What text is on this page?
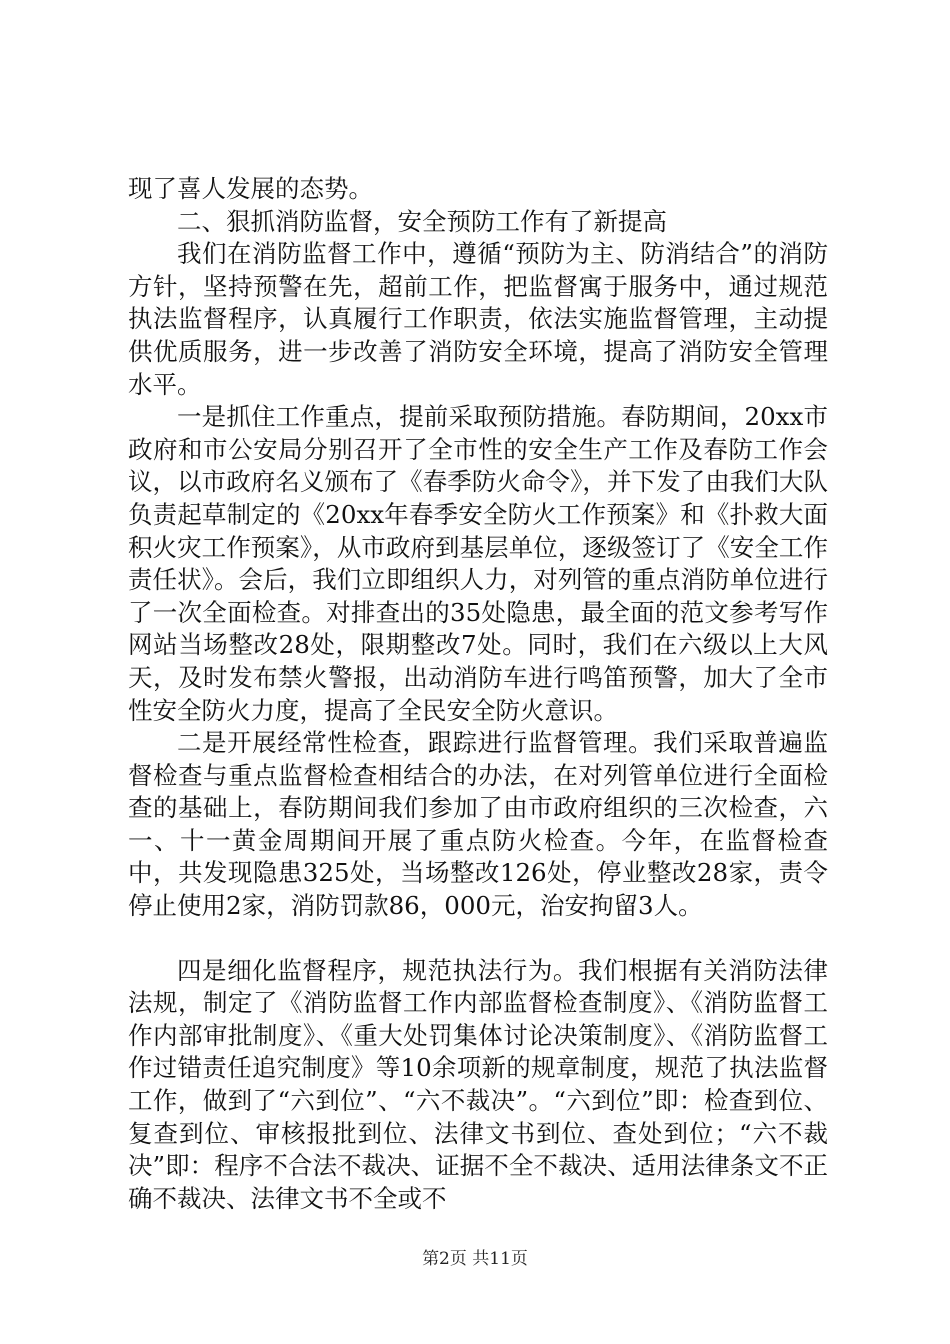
现了喜人发展的态势。

二、狠抓消防监督，安全预防工作有了新提高

我们在消防监督工作中，遵循“预防为主、防消结合”的消防方针，坚持预警在先，超前工作，把监督寓于服务中，通过规范执法监督程序，认真履行工作职责，依法实施监督管理，主动提供优质服务，进一步改善了消防安全环境，提高了消防安全管理水平。

一是抓住工作重点，提前采取预防措施。春防期间，20xx市政府和市公安局分别召开了全市性的安全生产工作及春防工作会议，以市政府名义颁布了《春季防火命令》，并下发了由我们大队负责起草制定的《20xx年春季安全防火工作预案》和《扑救大面积火灾工作预案》，从市政府到基层单位，逐级签订了《安全工作责任状》。会后，我们立即组织人力，对列管的重点消防单位进行了一次全面检查。对排查出的35处隐患，最全面的范文参考写作网站当场整改28处，限期整改7处。同时，我们在六级以上大风天，及时发布禁火警报，出动消防车进行鸣笛预警，加大了全市性安全防火力度，提高了全民安全防火意识。

二是开展经常性检查，跟踪进行监督管理。我们采取普遍监督检查与重点监督检查相结合的办法，在对列管单位进行全面检查的基础上，春防期间我们参加了由市政府组织的三次检查，六一、十一黄金周期间开展了重点防火检查。今年，在监督检查中，共发现隐患325处，当场整改126处，停业整改28家，责令停止使用2家，消防罚款86，000元，治安拘留3人。

四是细化监督程序，规范执法行为。我们根据有关消防法律法规，制定了《消防监督工作内部监督检查制度》、《消防监督工作内部审批制度》、《重大处罚集体讨论决策制度》、《消防监督工作过错责任追究制度》等10余项新的规章制度，规范了执法监督工作，做到了“六到位”、“六不裁决”。“六到位”即：检查到位、复查到位、审核报批到位、法律文书到位、查处到位；“六不裁决”即：程序不合法不裁决、证据不全不裁决、适用法律条文不正确不裁决、法律文书不全或不

第2页 共11页
